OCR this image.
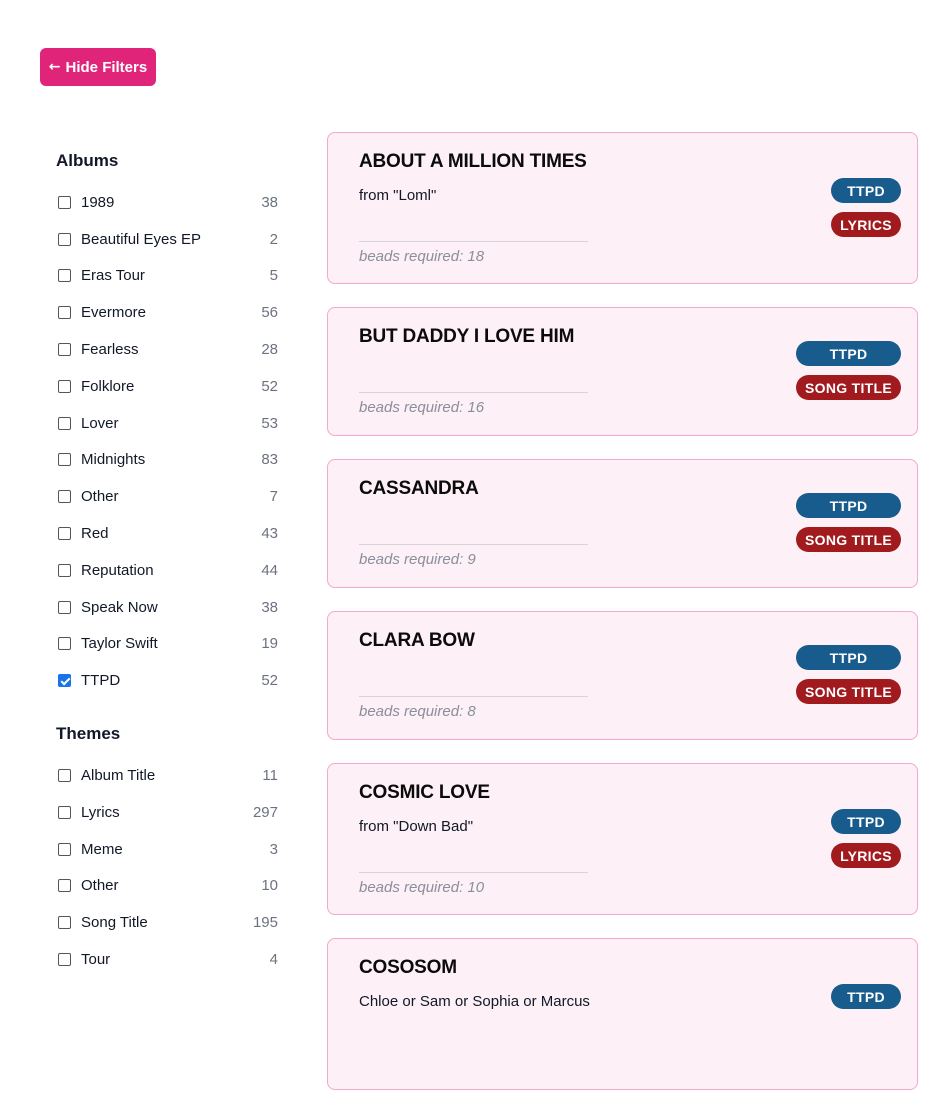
← Hide Filters
Albums
1989	38
Beautiful Eyes EP	2
Eras Tour	5
Evermore	56
Fearless	28
Folklore	52
Lover	53
Midnights	83
Other	7
Red	43
Reputation	44
Speak Now	38
Taylor Swift	19
TTPD	52
Themes
Album Title	11
Lyrics	297
Meme	3
Other	10
Song Title	195
Tour	4
ABOUT A MILLION TIMES
from "Loml"
beads required: 18
TTPD
LYRICS
BUT DADDY I LOVE HIM
beads required: 16
TTPD
SONG TITLE
CASSANDRA
beads required: 9
TTPD
SONG TITLE
CLARA BOW
beads required: 8
TTPD
SONG TITLE
COSMIC LOVE
from "Down Bad"
beads required: 10
TTPD
LYRICS
COSOSOM
Chloe or Sam or Sophia or Marcus	TTPD
